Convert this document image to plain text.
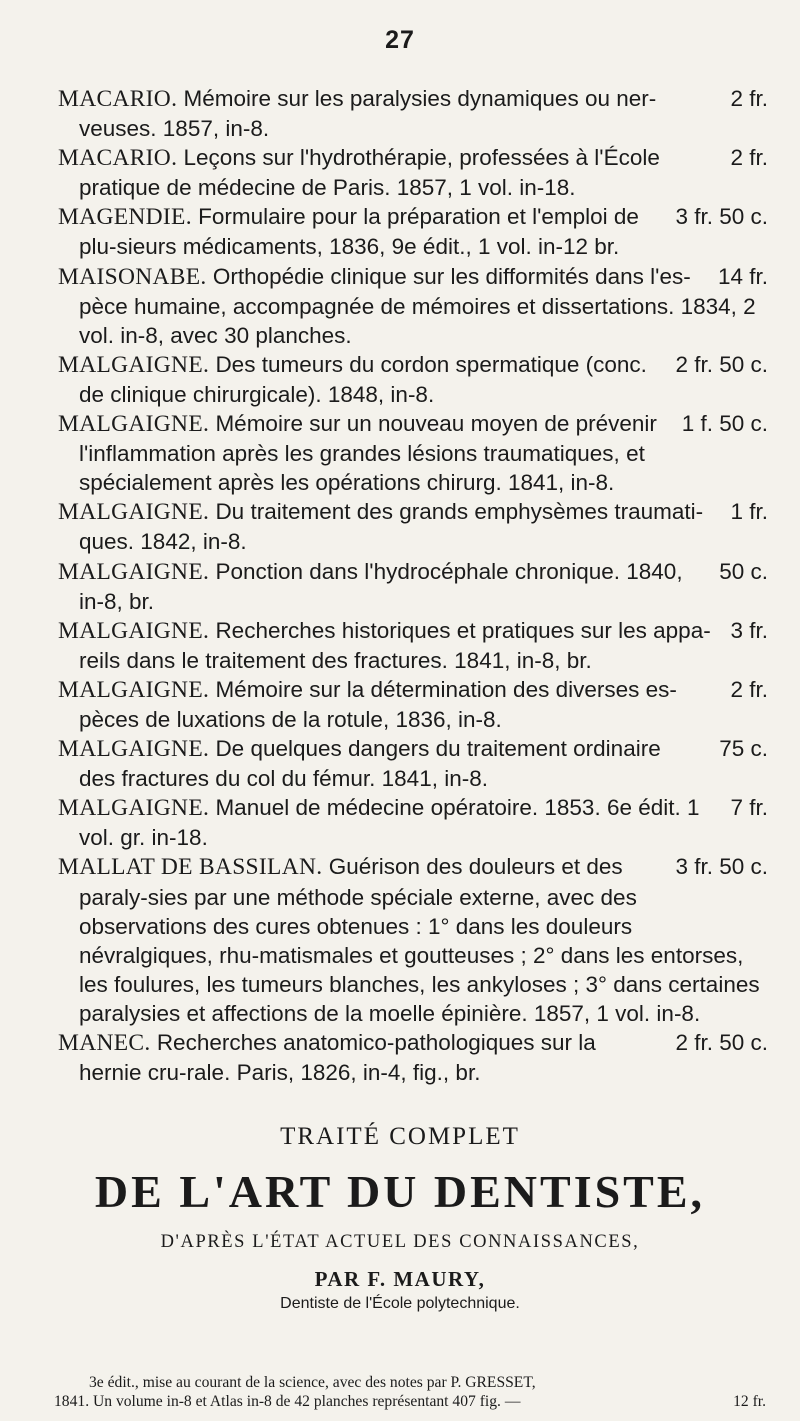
27

2 fr.
MACARIO. Mémoire sur les paralysies dynamiques ou ner-veuses. 1857, in-8.

2 fr.
MACARIO. Leçons sur l'hydrothérapie, professées à l'École pratique de médecine de Paris. 1857, 1 vol. in-18.

3 fr. 50 c.
MAGENDIE. Formulaire pour la préparation et l'emploi de plu-sieurs médicaments, 1836, 9e édit., 1 vol. in-12 br.

14 fr.
MAISONABE. Orthopédie clinique sur les difformités dans l'es-pèce humaine, accompagnée de mémoires et dissertations. 1834, 2 vol. in-8, avec 30 planches.

2 fr. 50 c.
MALGAIGNE. Des tumeurs du cordon spermatique (conc. de clinique chirurgicale). 1848, in-8.

1 f. 50 c.
MALGAIGNE. Mémoire sur un nouveau moyen de prévenir l'inflammation après les grandes lésions traumatiques, et spécialement après les opérations chirurg. 1841, in-8.

1 fr.
MALGAIGNE. Du traitement des grands emphysèmes traumati-ques. 1842, in-8.

50 c.
MALGAIGNE. Ponction dans l'hydrocéphale chronique. 1840, in-8, br.

3 fr.
MALGAIGNE. Recherches historiques et pratiques sur les appa-reils dans le traitement des fractures. 1841, in-8, br.

2 fr.
MALGAIGNE. Mémoire sur la détermination des diverses es-pèces de luxations de la rotule, 1836, in-8.

75 c.
MALGAIGNE. De quelques dangers du traitement ordinaire des fractures du col du fémur. 1841, in-8.

7 fr.
MALGAIGNE. Manuel de médecine opératoire. 1853. 6e édit. 1 vol. gr. in-18.

3 fr. 50 c.
MALLAT DE BASSILAN. Guérison des douleurs et des paraly-sies par une méthode spéciale externe, avec des observations des cures obtenues : 1° dans les douleurs névralgiques, rhu-matismales et goutteuses ; 2° dans les entorses, les foulures, les tumeurs blanches, les ankyloses ; 3° dans certaines paralysies et affections de la moelle épinière. 1857, 1 vol. in-8.

2 fr. 50 c.
MANEC. Recherches anatomico-pathologiques sur la hernie cru-rale. Paris, 1826, in-4, fig., br.

TRAITÉ COMPLET
DE L'ART DU DENTISTE,
D'APRÈS L'ÉTAT ACTUEL DES CONNAISSANCES,
PAR F. MAURY,
Dentiste de l'École polytechnique.
3e édit., mise au courant de la science, avec des notes par P. GRESSET,
12 fr.
1841. Un volume in-8 et Atlas in-8 de 42 planches représentant 407 fig. —
